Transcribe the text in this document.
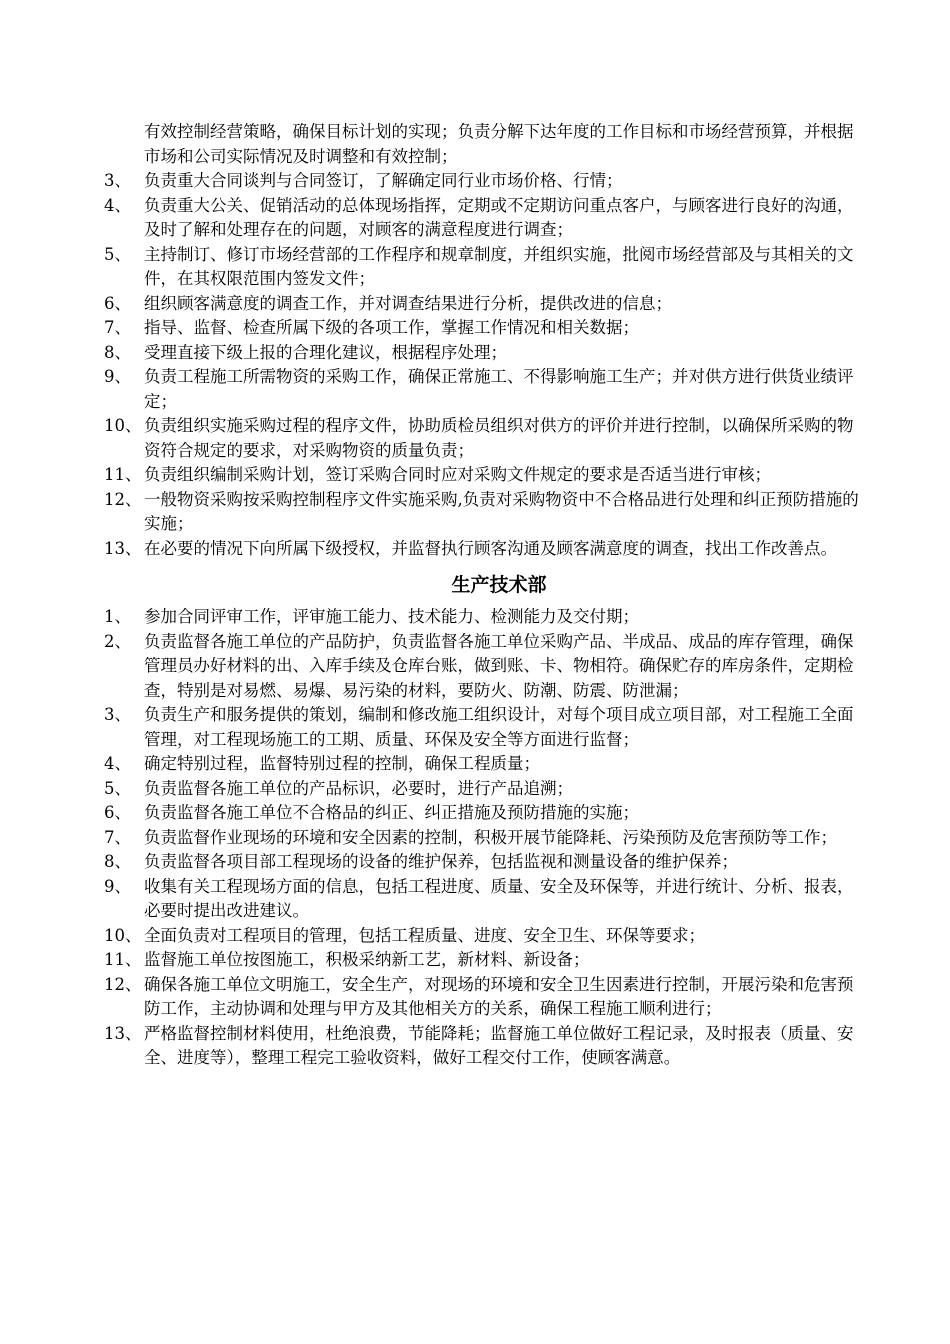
有效控制经营策略，确保目标计划的实现；负责分解下达年度的工作目标和市场经营预算，并根据市场和公司实际情况及时调整和有效控制；
3、 负责重大合同谈判与合同签订，了解确定同行业市场价格、行情；
4、 负责重大公关、促销活动的总体现场指挥，定期或不定期访问重点客户，与顾客进行良好的沟通，及时了解和处理存在的问题，对顾客的满意程度进行调查；
5、 主持制订、修订市场经营部的工作程序和规章制度，并组织实施，批阅市场经营部及与其相关的文件，在其权限范围内签发文件；
6、 组织顾客满意度的调查工作，并对调查结果进行分析，提供改进的信息；
7、 指导、监督、检查所属下级的各项工作，掌握工作情况和相关数据；
8、 受理直接下级上报的合理化建议，根据程序处理；
9、 负责工程施工所需物资的采购工作，确保正常施工、不得影响施工生产；并对供方进行供货业绩评定；
10、 负责组织实施采购过程的程序文件，协助质检员组织对供方的评价并进行控制，以确保所采购的物资符合规定的要求，对采购物资的质量负责；
11、 负责组织编制采购计划，签订采购合同时应对采购文件规定的要求是否适当进行审核；
12、 一般物资采购按采购控制程序文件实施采购,负责对采购物资中不合格品进行处理和纠正预防措施的实施；
13、 在必要的情况下向所属下级授权，并监督执行顾客沟通及顾客满意度的调查，找出工作改善点。
生产技术部
1、 参加合同评审工作，评审施工能力、技术能力、检测能力及交付期；
2、 负责监督各施工单位的产品防护，负责监督各施工单位采购产品、半成品、成品的库存管理，确保管理员办好材料的出、入库手续及仓库台账，做到账、卡、物相符。确保贮存的库房条件，定期检查，特别是对易燃、易爆、易污染的材料，要防火、防潮、防震、防泄漏；
3、 负责生产和服务提供的策划，编制和修改施工组织设计，对每个项目成立项目部，对工程施工全面管理，对工程现场施工的工期、质量、环保及安全等方面进行监督；
4、 确定特别过程，监督特别过程的控制，确保工程质量；
5、 负责监督各施工单位的产品标识，必要时，进行产品追溯；
6、 负责监督各施工单位不合格品的纠正、纠正措施及预防措施的实施；
7、 负责监督作业现场的环境和安全因素的控制，积极开展节能降耗、污染预防及危害预防等工作；
8、 负责监督各项目部工程现场的设备的维护保养，包括监视和测量设备的维护保养；
9、 收集有关工程现场方面的信息，包括工程进度、质量、安全及环保等，并进行统计、分析、报表，必要时提出改进建议。
10、 全面负责对工程项目的管理，包括工程质量、进度、安全卫生、环保等要求；
11、 监督施工单位按图施工，积极采纳新工艺，新材料、新设备；
12、 确保各施工单位文明施工，安全生产，对现场的环境和安全卫生因素进行控制，开展污染和危害预防工作，主动协调和处理与甲方及其他相关方的关系，确保工程施工顺利进行；
13、 严格监督控制材料使用，杜绝浪费，节能降耗；监督施工单位做好工程记录，及时报表（质量、安全、进度等），整理工程完工验收资料，做好工程交付工作，使顾客满意。
